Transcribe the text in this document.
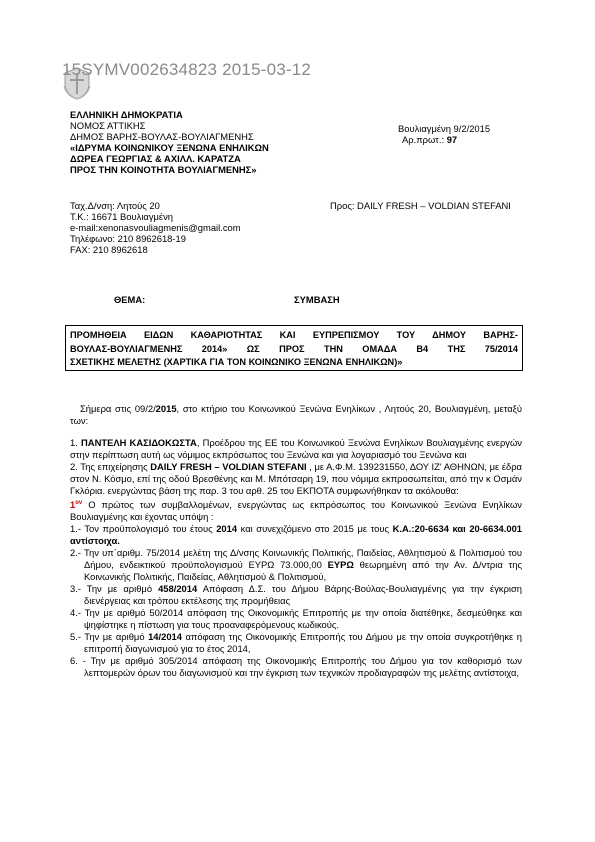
15SYMV002634823 2015-03-12
ΕΛΛΗΝΙΚΗ ΔΗΜΟΚΡΑΤΙΑ
ΝΟΜΟΣ ΑΤΤΙΚΗΣ
ΔΗΜΟΣ ΒΑΡΗΣ-ΒΟΥΛΑΣ-ΒΟΥΛΙΑΓΜΕΝΗΣ
«ΙΔΡΥΜΑ ΚΟΙΝΩΝΙΚΟΥ ΞΕΝΩΝΑ ΕΝΗΛΙΚΩΝ
ΔΩΡΕΑ ΓΕΩΡΓΙΑΣ & ΑΧΙΛΛ. ΚΑΡΑΤΖΑ
ΠΡΟΣ ΤΗΝ ΚΟΙΝΟΤΗΤΑ ΒΟΥΛΙΑΓΜΕΝΗΣ»
Βουλιαγμένη 9/2/2015
Αρ.πρωτ.: 97
Ταχ.Δ/νση: Λητούς 20
Τ.Κ.: 16671 Βουλιαγμένη
e-mail:xenonasvouliagmenis@gmail.com
Τηλέφωνο: 210 8962618-19
FAX: 210 8962618
Προς: DAILY FRESH – VOLDIAN STEFANI
ΘΕΜΑ:	ΣΥΜΒΑΣΗ

ΠΡΟΜΗΘΕΙΑ ΕΙΔΩΝ ΚΑΘΑΡΙΟΤΗΤΑΣ ΚΑΙ ΕΥΠΡΕΠΙΣΜΟΥ ΤΟΥ ΔΗΜΟΥ ΒΑΡΗΣ-

ΒΟΥΛΑΣ-ΒΟΥΛΙΑΓΜΕΝΗΣ 2014» ΩΣ ΠΡΟΣ ΤΗΝ ΟΜΑΔΑ Β4 ΤΗΣ 75/2014

ΣΧΕΤΙΚΗΣ ΜΕΛΕΤΗΣ (ΧΑΡΤΙΚΑ ΓΙΑ ΤΟΝ ΚΟΙΝΩΝΙΚΟ ΞΕΝΩΝΑ ΕΝΗΛΙΚΩΝ)»

Σήμερα στις 09/2/2015, στο κτήριο του Κοινωνικού Ξενώνα Ενηλίκων , Λητούς 20, Βουλιαγμένη, μεταξύ των:

1. ΠΑΝΤΕΛΗ ΚΑΣΙΔΟΚΩΣΤΑ, Προέδρου της ΕΕ του Κοινωνικού Ξενώνα Ενηλίκων Βουλιαγμένης ενεργών στην περίπτωση αυτή ως νόμιμος εκπρόσωπος του Ξενώνα και για λογαριασμό του Ξενώνα και

2. Της επιχείρησης DAILY FRESH – VOLDIAN STEFANI , με Α.Φ.Μ. 139231550, ΔΟΥ ΙΖ' ΑΘΗΝΩΝ, με έδρα στον Ν. Κόσμο, επί της οδού Βρεσθένης και Μ. Μπότσαρη 19, που νόμιμα εκπροσωπείται, από την κ Οσμάν Γκλόρια. ενεργώντας βάση της παρ. 3 του αρθ. 25 του ΕΚΠΟΤΑ συμφωνήθηκαν τα ακόλουθα:

$1^{o\nu}$ Ο πρώτος των συμβαλλομένων, ενεργώντας ως εκπρόσωπος του Κοινωνικού Ξενώνα Ενηλίκων Βουλιαγμένης και έχοντας υπόψη :

1.- Τον προϋπολογισμό του έτους 2014 και συνεχιζόμενο στο 2015 με τους Κ.Α.:20-6634 και 20-6634.001 αντίστοιχα.

2.- Την υπ΄αριθμ. 75/2014 μελέτη της Δ/νσης Κοινωνικής Πολιτικής, Παιδείας, Αθλητισμού & Πολιτισμού του Δήμου, ενδεικτικού προϋπολογισμού ΕΥΡΩ 73.000,00 ΕΥΡΩ θεωρημένη από την Αν. Δ/ντρια της Κοινωνικής Πολιτικής, Παιδείας, Αθλητισμού & Πολιτισμού,

3.- Την με αριθμό 458/2014 Απόφαση Δ.Σ. του Δήμου Βάρης-Βούλας-Βουλιαγμένης για την έγκριση διενέργειας και τρόπου εκτέλεσης της προμήθειας

4.- Την με αριθμό 50/2014 απόφαση της Οικονομικής Επιτροπής με την οποία διατέθηκε, δεσμεύθηκε και ψηφίστηκε η πίστωση για τους προαναφερόμενους κωδικούς.

5.- Την με αριθμό 14/2014 απόφαση της Οικονομικής Επιτροπής του Δήμου με την οποία συγκροτήθηκε η επιτροπή διαγωνισμού για το έτος 2014,

6. - Την με αριθμό 305/2014 απόφαση της Οικονομικής Επιτροπής του Δήμου για τον καθορισμό των λεπτομερών όρων του διαγωνισμού και την έγκριση των τεχνικών προδιαγραφών της μελέτης αντίστοιχα,
